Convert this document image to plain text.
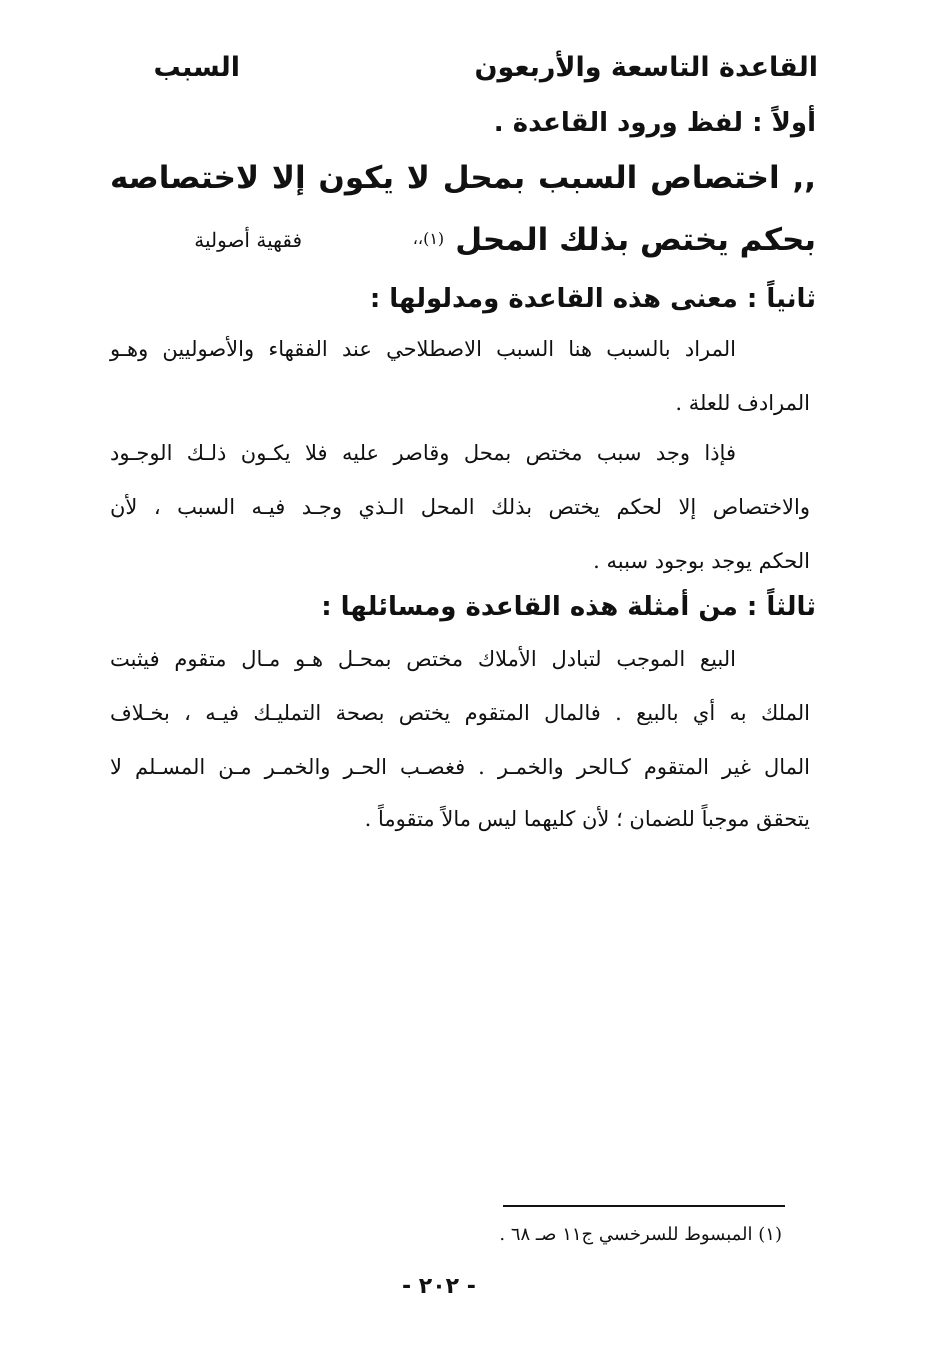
القاعدة التاسعة والأربعون
السبب
أولاً : لفظ ورود القاعدة .
,, اختصاص السبب بمحل لا يكون إلا لاختصاصه
بحكم يختص بذلك المحل (١)،،
فقهية أصولية
ثانياً : معنى هذه القاعدة ومدلولها :
المراد بالسبب هنا السبب الاصطلاحي عند الفقهاء والأصوليين وهـو
المرادف للعلة .
فإذا وجد سبب مختص بمحل وقاصر عليه فلا يكـون ذلـك الوجـود
والاختصاص إلا لحكم يختص بذلك المحل الـذي وجـد فيـه السبب ، لأن
الحكم يوجد بوجود سببه .
ثالثاً : من أمثلة هذه القاعدة ومسائلها :
البيع الموجب لتبادل الأملاك مختص بمحـل هـو مـال متقوم فيثبت
الملك به أي بالبيع . فالمال المتقوم يختص بصحة التمليـك فيـه ، بخـلاف
المال غير المتقوم كـالحر والخمـر . فغصـب الحـر والخمـر مـن المسـلم لا
يتحقق موجباً للضمان ؛ لأن كليهما ليس مالاً متقوماً .
(١) المبسوط للسرخسي ج١١ صـ ٦٨ .
- ٢٠٢ -
